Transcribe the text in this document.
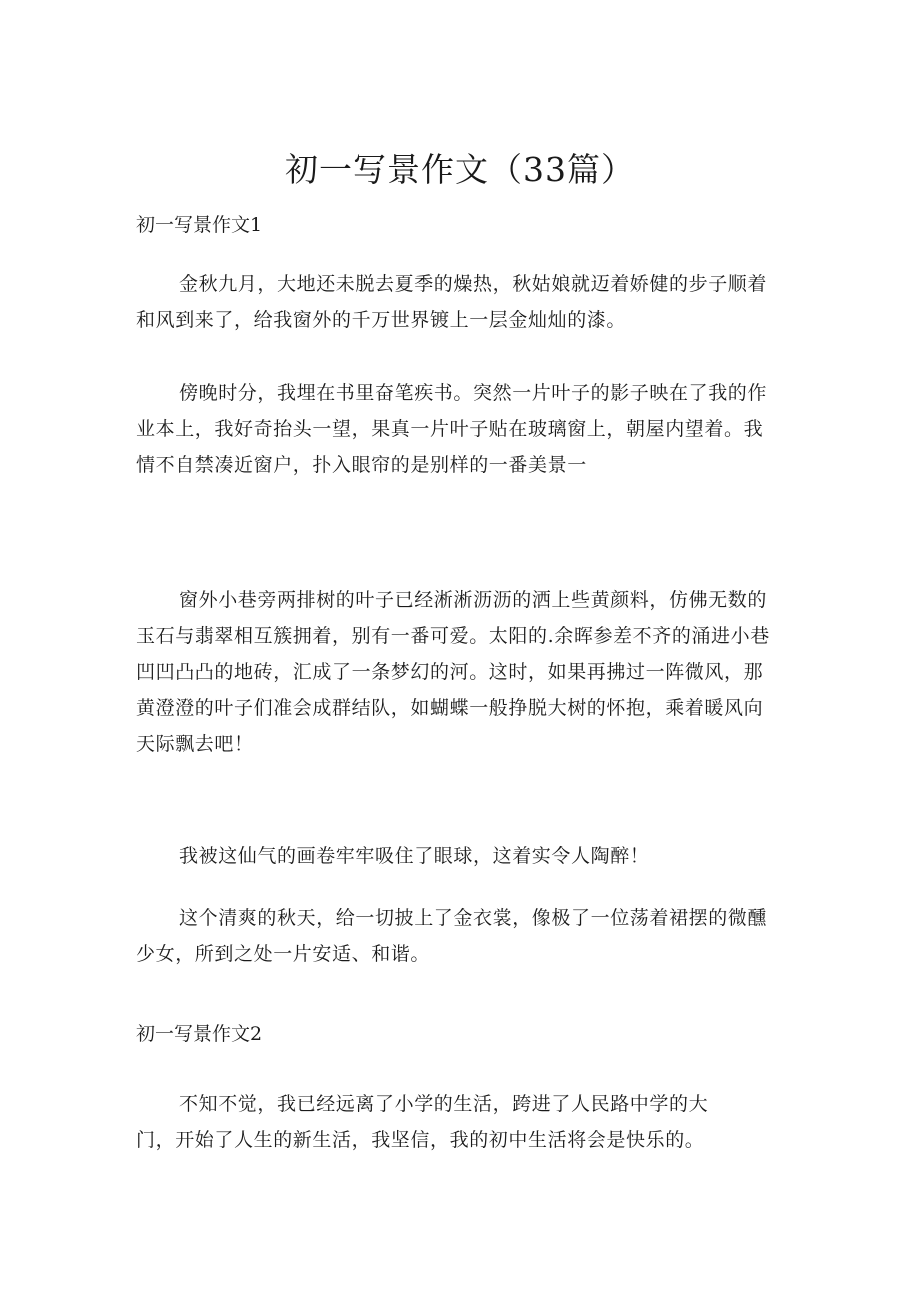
初一写景作文（33篇）
初一写景作文1
金秋九月，大地还未脱去夏季的燥热，秋姑娘就迈着娇健的步子顺着
和风到来了，给我窗外的千万世界镀上一层金灿灿的漆。
傍晚时分，我埋在书里奋笔疾书。突然一片叶子的影子映在了我的作
业本上，我好奇抬头一望，果真一片叶子贴在玻璃窗上，朝屋内望着。我
情不自禁凑近窗户，扑入眼帘的是别样的一番美景一
窗外小巷旁两排树的叶子已经淅淅沥沥的洒上些黄颜料，仿佛无数的
玉石与翡翠相互簇拥着，别有一番可爱。太阳的.余晖参差不齐的涌进小巷
凹凹凸凸的地砖，汇成了一条梦幻的河。这时，如果再拂过一阵微风，那
黄澄澄的叶子们准会成群结队，如蝴蝶一般挣脱大树的怀抱，乘着暖风向
天际飘去吧！
我被这仙气的画卷牢牢吸住了眼球，这着实令人陶醉！
这个清爽的秋天，给一切披上了金衣裳，像极了一位荡着裙摆的微醺
少女，所到之处一片安适、和谐。
初一写景作文2
不知不觉，我已经远离了小学的生活，跨进了人民路中学的大
门，开始了人生的新生活，我坚信，我的初中生活将会是快乐的。
